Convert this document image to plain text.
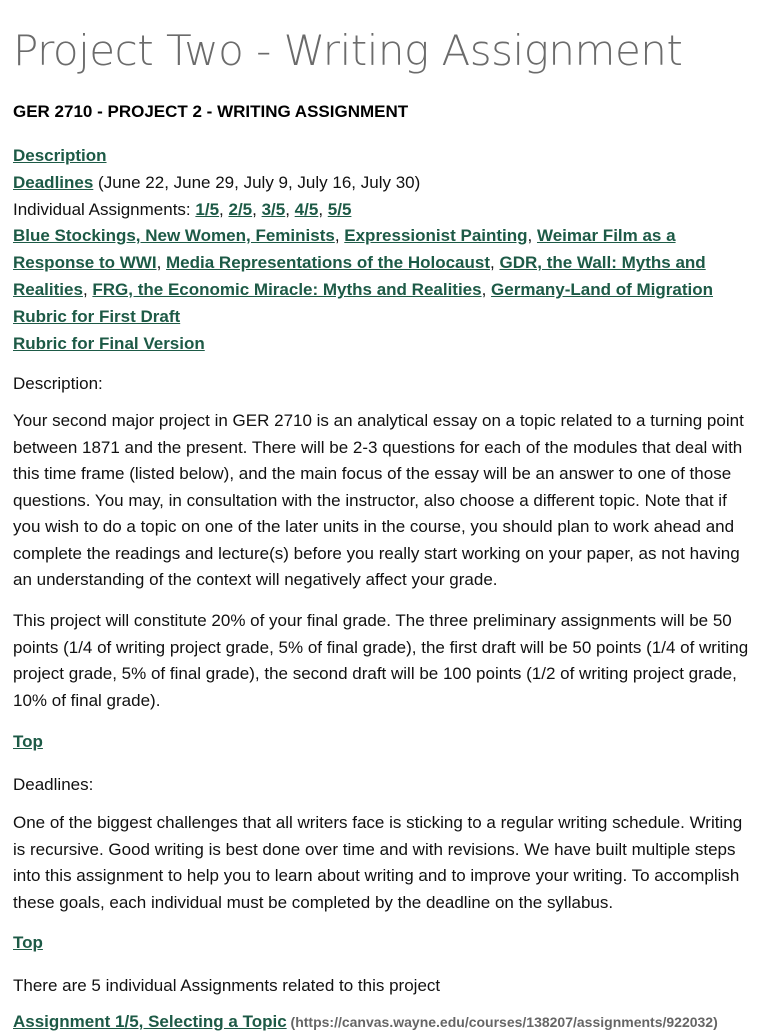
Project Two - Writing Assignment

GER 2710 - PROJECT 2 - WRITING ASSIGNMENT

Description
Deadlines (June 22, June 29, July 9, July 16, July 30)
Individual Assignments: 1/5, 2/5, 3/5, 4/5, 5/5
Blue Stockings, New Women, Feminists, Expressionist Painting, Weimar Film as a
Response to WWI, Media Representations of the Holocaust, GDR, the Wall: Myths and
Realities, FRG, the Economic Miracle: Myths and Realities, Germany-Land of Migration
Rubric for First Draft
Rubric for Final Version

Description:

Your second major project in GER 2710 is an analytical essay on a topic related to a turning point between 1871 and the present. There will be 2-3 questions for each of the modules that deal with this time frame (listed below), and the main focus of the essay will be an answer to one of those questions. You may, in consultation with the instructor, also choose a different topic. Note that if you wish to do a topic on one of the later units in the course, you should plan to work ahead and complete the readings and lecture(s) before you really start working on your paper, as not having an understanding of the context will negatively affect your grade.

This project will constitute 20% of your final grade. The three preliminary assignments will be 50 points (1/4 of writing project grade, 5% of final grade), the first draft will be 50 points (1/4 of writing project grade, 5% of final grade), the second draft will be 100 points (1/2 of writing project grade, 10% of final grade).

Top

Deadlines:

One of the biggest challenges that all writers face is sticking to a regular writing schedule. Writing is recursive. Good writing is best done over time and with revisions. We have built multiple steps into this assignment to help you to learn about writing and to improve your writing. To accomplish these goals, each individual must be completed by the deadline on the syllabus.

Top

There are 5 individual Assignments related to this project

Assignment 1/5, Selecting a Topic (https://canvas.wayne.edu/courses/138207/assignments/922032)
